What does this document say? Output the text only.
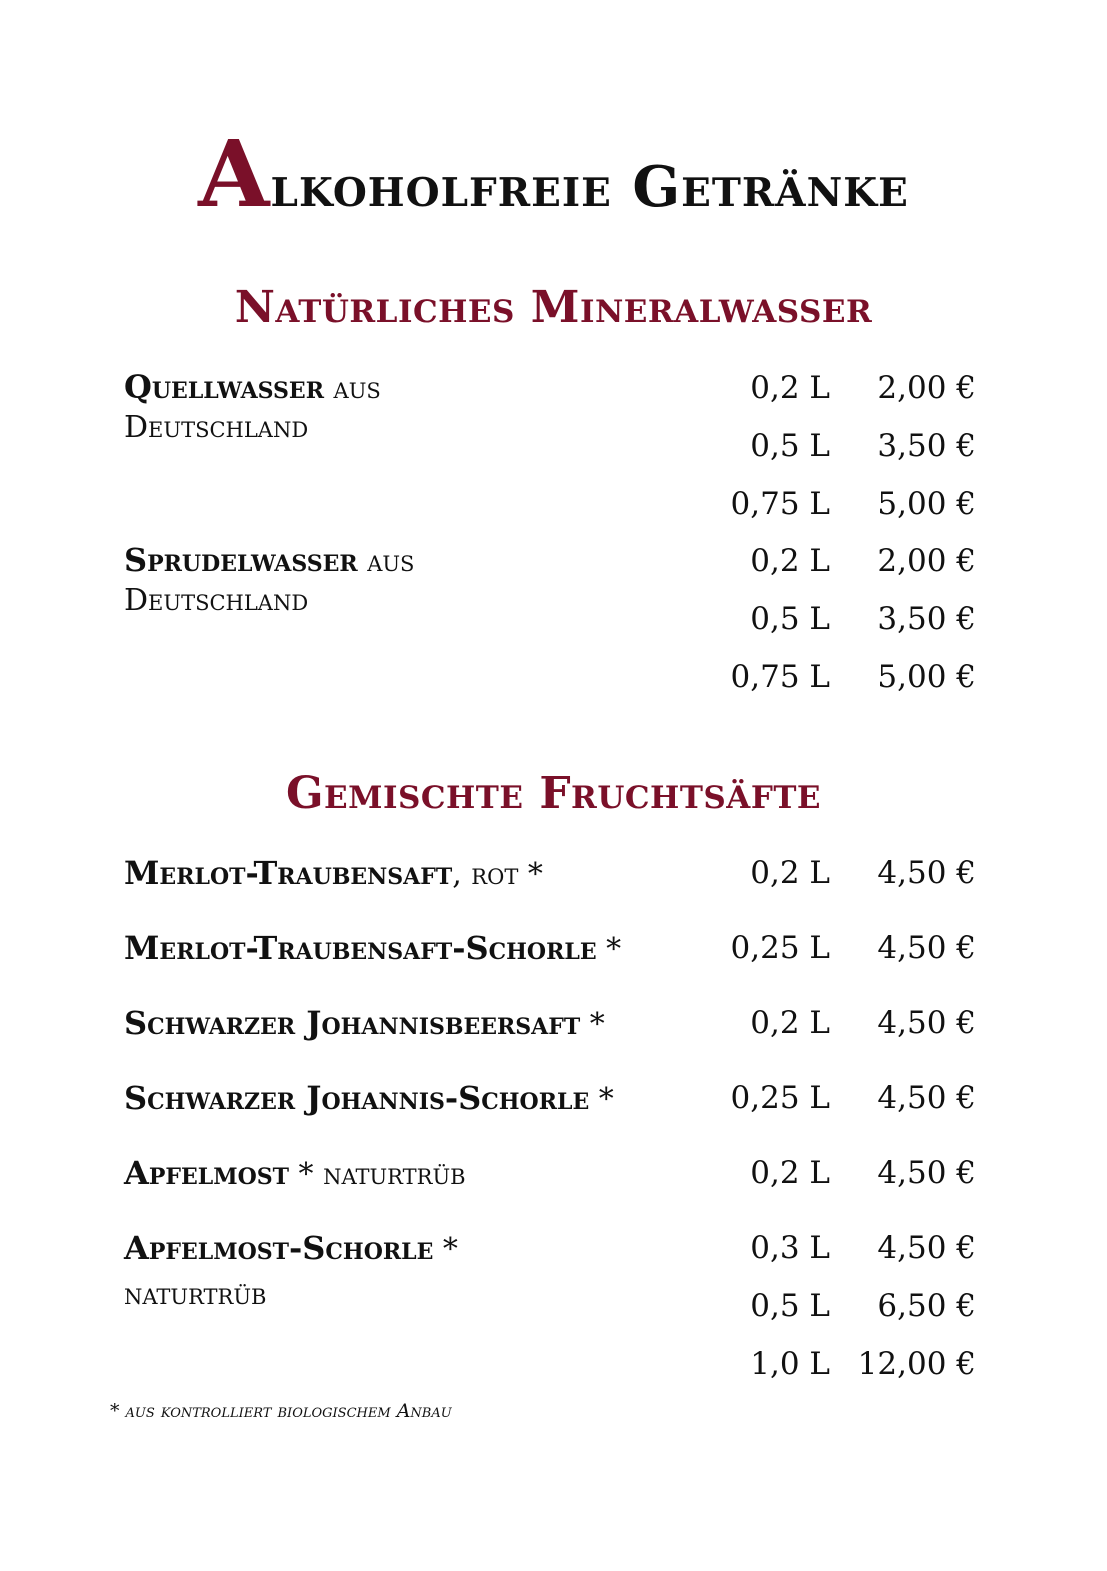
Alkoholfreie Getränke
Natürliches Mineralwasser
Quellwasser aus
Deutschland
0,2 L	2,00 €
0,5 L	3,50 €
0,75 L	5,00 €
Sprudelwasser aus
Deutschland
0,2 L	2,00 €
0,5 L	3,50 €
0,75 L	5,00 €
Gemischte Fruchtsäfte
Merlot-Traubensaft, rot *	0,2 L	4,50 €
Merlot-Traubensaft-Schorle *	0,25 L	4,50 €
Schwarzer Johannisbeersaft *	0,2 L	4,50 €
Schwarzer Johannis-Schorle *	0,25 L	4,50 €
Apfelmost * naturtrüb	0,2 L	4,50 €
Apfelmost-Schorle *
naturtrüb
0,3 L	4,50 €
0,5 L	6,50 €
1,0 L 12,00 €
* aus kontrolliert biologischem Anbau
